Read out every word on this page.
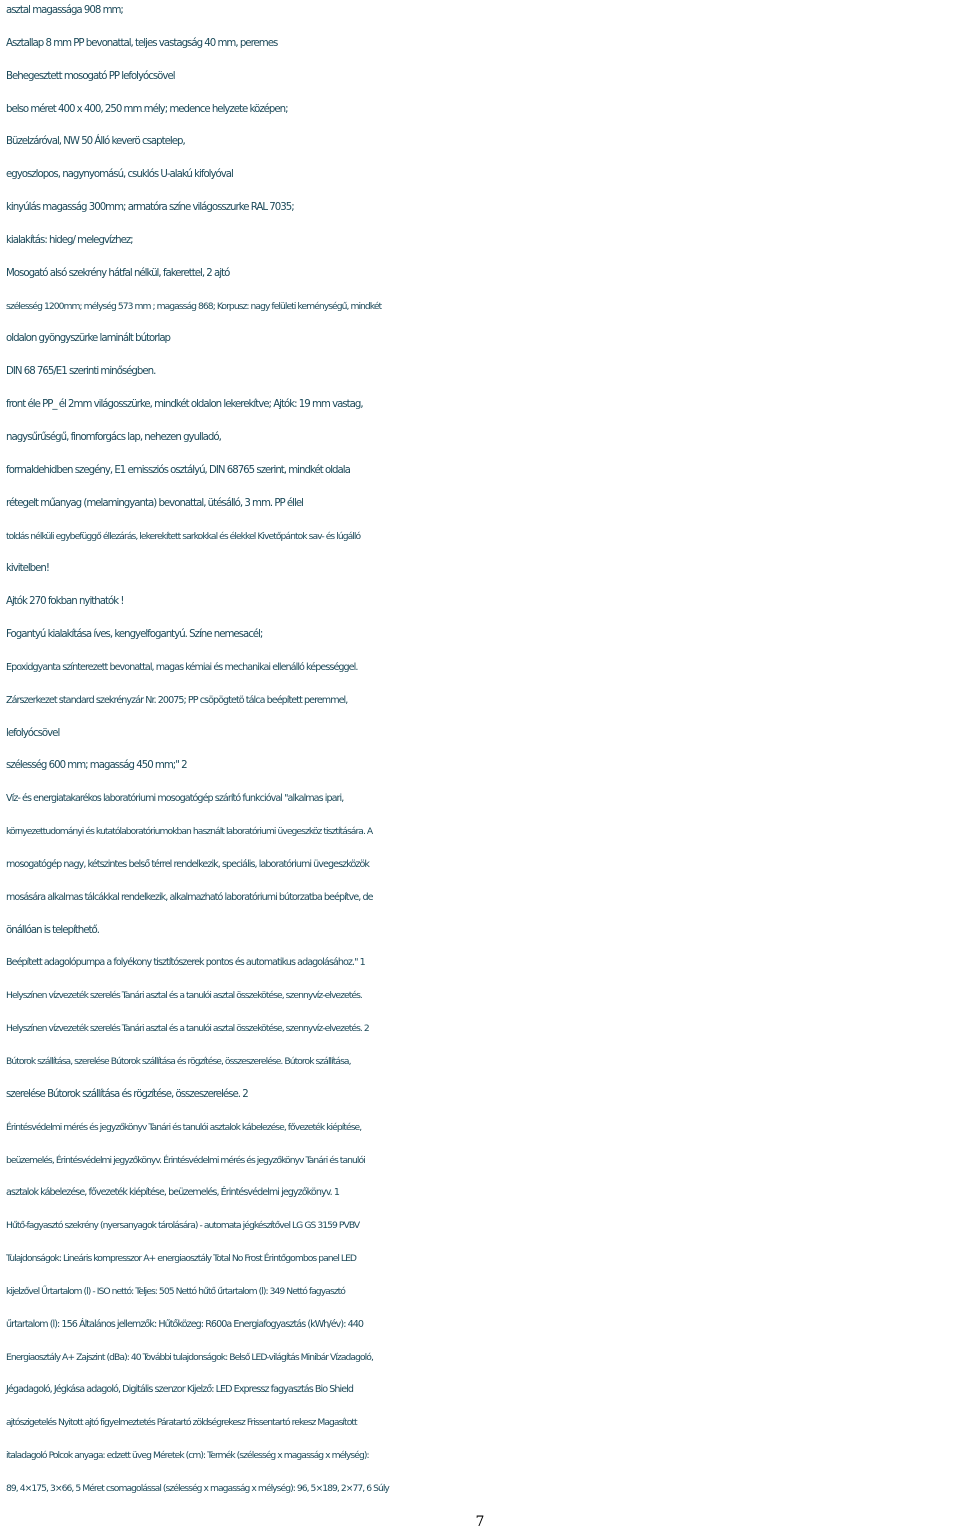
asztal magassága 908 mm;
Asztallap 8 mm PP bevonattal, teljes vastagság 40 mm, peremes
Behegesztett mosogató PP lefolyócsövel
belso méret 400 x 400, 250 mm mély; medence helyzete középen;
Büzelzáróval, NW 50 Álló keverö csaptelep,
egyoszlopos, nagynyomású, csuklós U-alakú kifolyóval
kinyúlás magasság 300mm; armatóra színe világosszurke RAL 7035;
kialakítás: hideg/ melegvízhez;
Mosogató alsó szekrény hátfal nélkül, fakerettel, 2 ajtó
szélesség 1200mm; mélység 573 mm ; magasság 868; Korpusz: nagy felületi keménységű, mindkét
oldalon gyöngyszürke laminált bútorlap
DIN 68 765/E1 szerinti minőségben.
front éle PP_ él 2mm világosszürke, mindkét oldalon lekerekítve; Ajtók: 19 mm vastag,
nagysűrűségű, finomforgács lap, nehezen gyulladó,
formaldehidben szegény, E1 emissziós osztályú, DIN 68765 szerint, mindkét oldala
rétegelt műanyag (melamingyanta) bevonattal, ütésálló, 3 mm. PP éllel
toldás nélküli egybefüggő éllezárás, lekerekített sarkokkal és élekkel Kivetőpántok sav- és lúgálló
kivitelben!
Ajtók 270 fokban nyithatók !
Fogantyú kialakítása íves, kengyelfogantyú. Színe nemesacél;
Epoxidgyanta színterezett bevonattal, magas kémiai és mechanikai ellenálló képességgel.
Zárszerkezet standard szekrényzár Nr. 20075; PP csöpögtetö tálca beépített peremmel,
lefolyócsövel
szélesség 600 mm; magasság 450 mm;" 2
Víz- és energiatakarékos laboratóriumi mosogatógép szárító funkcióval "alkalmas ipari,
környezettudományi és kutatólaboratóriumokban használt laboratóriumi üvegeszköz tisztítására. A
mosogatógép nagy, kétszintes belső térrel rendelkezik, speciális, laboratóriumi üvegeszközök
mosására alkalmas tálcákkal rendelkezik, alkalmazható laboratóriumi bútorzatba beépítve, de
önállóan is telepíthető.
Beépített adagolópumpa a folyékony tisztítószerek pontos és automatikus adagolásához." 1
Helyszínen vízvezeték szerelés Tanári asztal és a tanulói asztal összekötése, szennyvíz-elvezetés.
Helyszínen vízvezeték szerelés Tanári asztal és a tanulói asztal összekötése, szennyvíz-elvezetés. 2
Bútorok szállítása, szerelése Bútorok szállítása és rögzítése, összeszerelése. Bútorok szállítása,
szerelése Bútorok szállítása és rögzítése, összeszerelése. 2
Érintésvédelmi mérés és jegyzőkönyv Tanári és tanulói asztalok kábelezése, fővezeték kiépítése,
beüzemelés, Érintésvédelmi jegyzőkönyv. Érintésvédelmi mérés és jegyzőkönyv Tanári és tanulói
asztalok kábelezése, fővezeték kiépítése, beüzemelés, Érintésvédelmi jegyzőkönyv. 1
Hűtő-fagyasztó szekrény (nyersanyagok tárolására) - automata jégkészítővel LG GS 3159 PVBV
Tulajdonságok: Lineáris kompresszor A+ energiaosztály Total No Frost Érintőgombos panel LED
kijelzővel Űrtartalom (l) - ISO nettó: Teljes: 505 Nettó hűtő űrtartalom (l): 349 Nettó fagyasztó
űrtartalom (l): 156 Általános jellemzők: Hűtőközeg: R600a Energiafogyasztás (kWh/év): 440
Energiaosztály A+ Zajszint (dBa): 40 További tulajdonságok: Belső LED-világítás Minibár Vízadagoló,
Jégadagoló, Jégkása adagoló, Digitális szenzor Kijelző: LED Expressz fagyasztás Bio Shield
ajtószigetelés Nyitott ajtó figyelmeztetés Páratartó zöldségrekesz Frissentartó rekesz Magasított
italadagoló Polcok anyaga: edzett üveg Méretek (cm): Termék (szélesség x magasság x mélység):
89, 4×175, 3×66, 5 Méret csomagolással (szélesség x magasság x mélység): 96, 5×189, 2×77, 6 Súly
7
